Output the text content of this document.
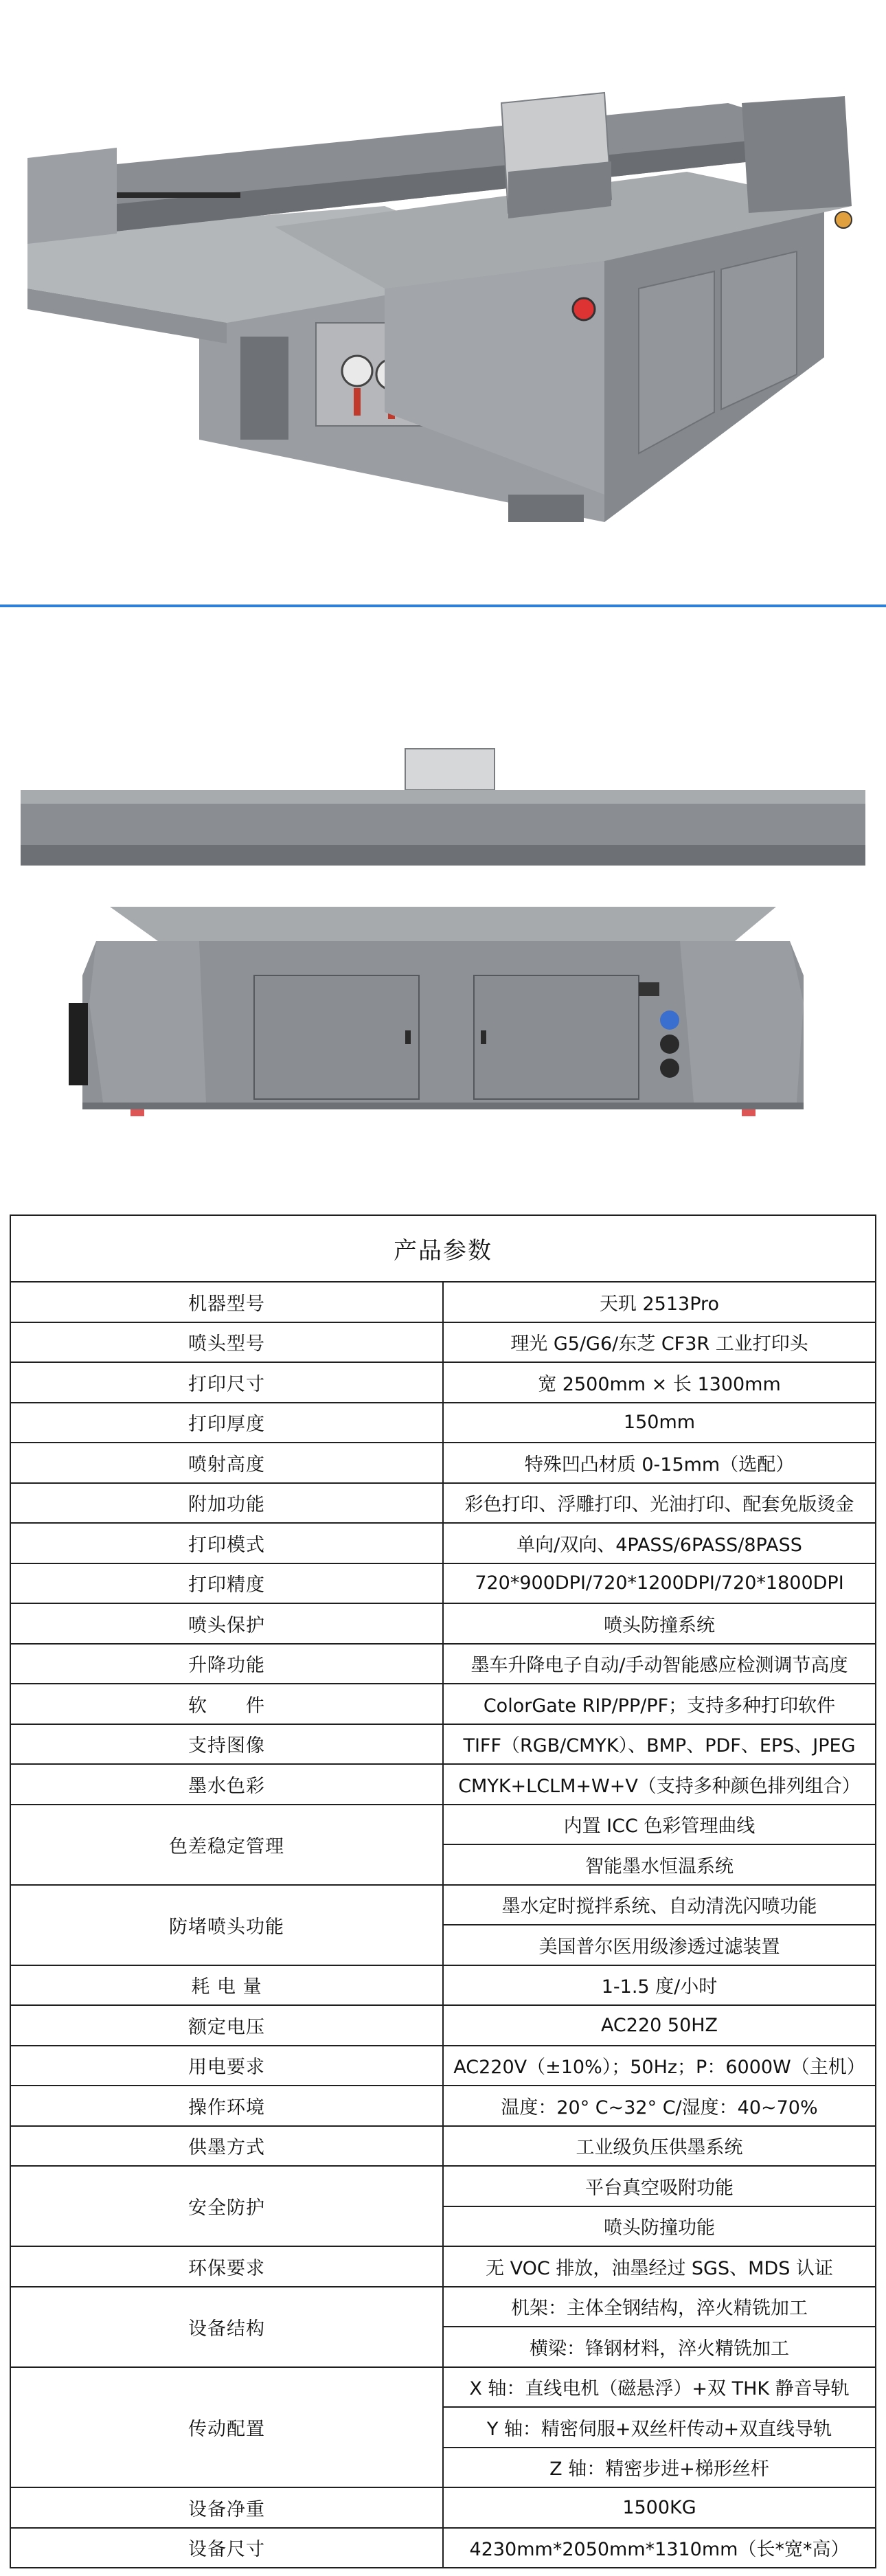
产品参数	
机器型号	天玑 2513Pro
喷头型号	理光 G5/G6/东芝 CF3R 工业打印头
打印尺寸	宽 2500mm × 长 1300mm
打印厚度	150mm
喷射高度	特殊凹凸材质 0-15mm（选配）
附加功能	彩色打印、浮雕打印、光油打印、配套免版烫金
打印模式	单向/双向、4PASS/6PASS/8PASS
打印精度	720*900DPI/720*1200DPI/720*1800DPI
喷头保护	喷头防撞系统
升降功能	墨车升降电子自动/手动智能感应检测调节高度
软　　件	ColorGate RIP/PP/PF；支持多种打印软件
支持图像	TIFF（RGB/CMYK）、BMP、PDF、EPS、JPEG
墨水色彩	CMYK+LCLM+W+V（支持多种颜色排列组合）
色差稳定管理	内置 ICC 色彩管理曲线
	智能墨水恒温系统
防堵喷头功能	墨水定时搅拌系统、自动清洗闪喷功能
	美国普尔医用级渗透过滤装置
耗 电 量	1-1.5 度/小时
额定电压	AC220 50HZ
用电要求	AC220V（±10%）；50Hz；P：6000W（主机）
操作环境	温度：20° C~32° C/湿度：40~70%
供墨方式	工业级负压供墨系统
安全防护	平台真空吸附功能
	喷头防撞功能
环保要求	无 VOC 排放，油墨经过 SGS、MDS 认证
设备结构	机架：主体全钢结构，淬火精铣加工
	横梁：锋钢材料，淬火精铣加工
传动配置	X 轴：直线电机（磁悬浮）+双 THK 静音导轨
	Y 轴：精密伺服+双丝杆传动+双直线导轨
	Z 轴：精密步进+梯形丝杆
设备净重	1500KG
设备尺寸	4230mm*2050mm*1310mm（长*宽*高）
